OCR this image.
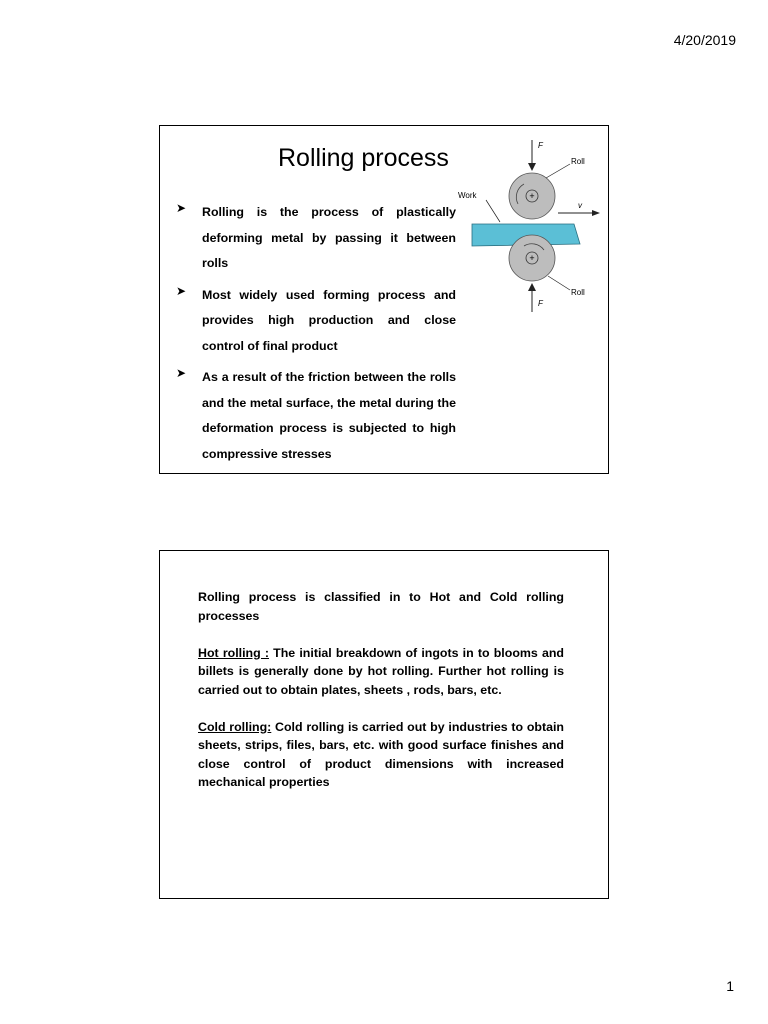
4/20/2019
Rolling process
➤	Rolling is the process of plastically deforming metal by passing it between rolls
➤	Most widely used forming process and provides high production and close control of final product
➤	As a result of the friction between the rolls and the metal surface, the metal during the deformation process is subjected to high compressive stresses
+
+
F
Roll
Work
v
Roll
F

Rolling process is classified in to Hot and Cold rolling processes

Hot rolling : The initial breakdown of ingots in to blooms and billets is generally done by hot rolling. Further hot rolling is carried out to obtain plates, sheets , rods, bars, etc.

Cold rolling: Cold rolling is carried out by industries to obtain sheets, strips, files, bars, etc. with good surface finishes and close control of product dimensions with increased mechanical properties

1
